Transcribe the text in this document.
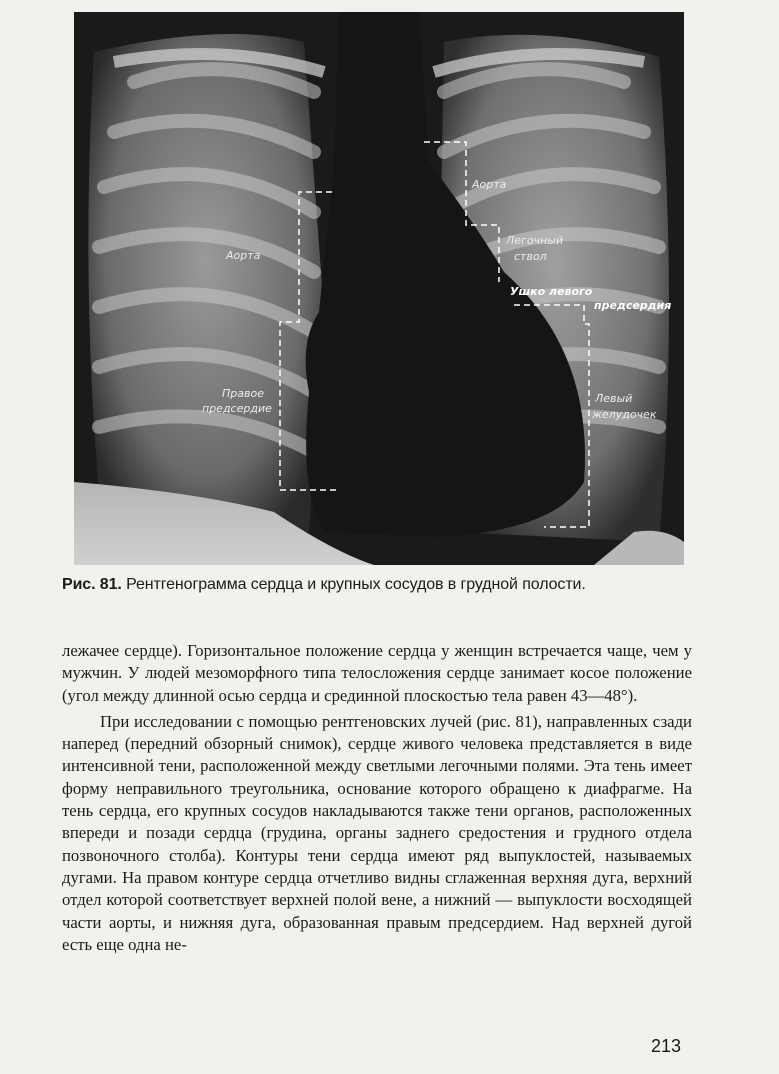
Аорта
Аорта
Легочный
ствол
Ушко левого
предсердия
Правое
предсердие
Левый
желудочек
Рис. 81. Рентгенограмма сердца и крупных сосудов в грудной полости.

лежачее сердце). Горизонтальное положение сердца у женщин встречается чаще, чем у мужчин. У людей мезоморфного типа телосложения сердце занимает косое положение (угол между длинной осью сердца и срединной плоскостью тела равен 43—48°).

При исследовании с помощью рентгеновских лучей (рис. 81), направленных сзади наперед (передний обзорный снимок), сердце живого человека представляется в виде интенсивной тени, расположенной между светлыми легочными полями. Эта тень имеет форму неправильного треугольника, основание которого обращено к диафрагме. На тень сердца, его крупных сосудов накладываются также тени органов, расположенных впереди и позади сердца (грудина, органы заднего средостения и грудного отдела позвоночного столба). Контуры тени сердца имеют ряд выпуклостей, называемых дугами. На правом контуре сердца отчетливо видны сглаженная верхняя дуга, верхний отдел которой соответствует верхней полой вене, а нижний — выпуклости восходящей части аорты, и нижняя дуга, образованная правым предсердием. Над верхней дугой есть еще одна не-

213
